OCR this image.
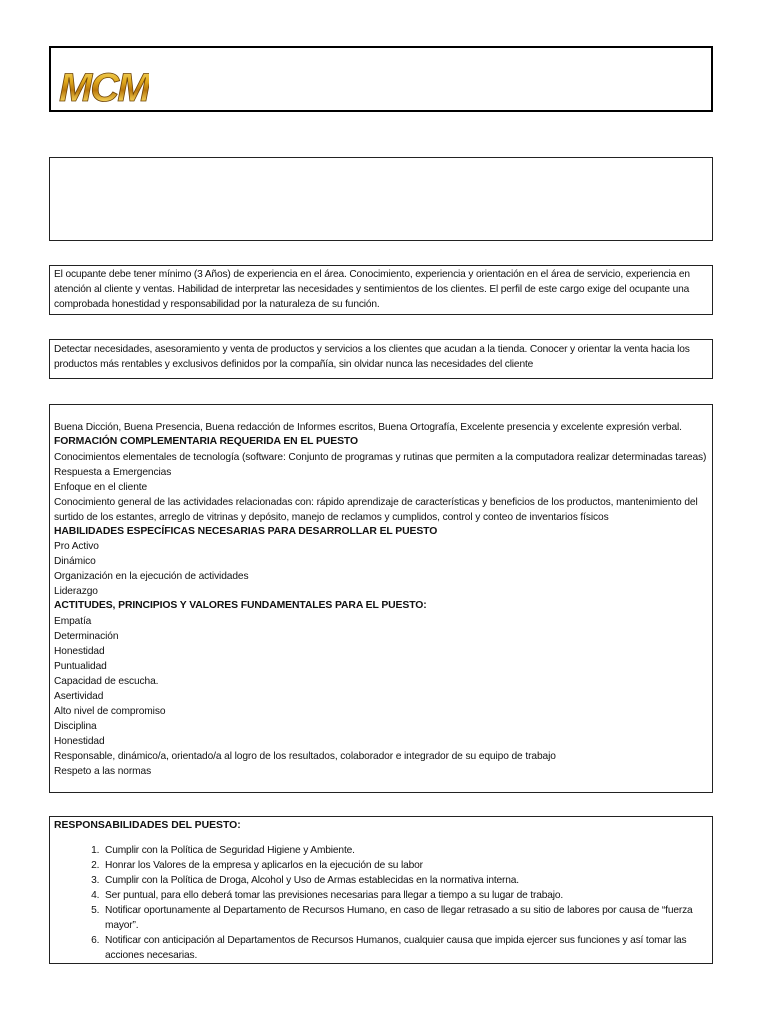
MCM
El ocupante debe tener mínimo (3 Años) de experiencia en el área. Conocimiento, experiencia y orientación en el área de servicio, experiencia en atención al cliente y ventas. Habilidad de interpretar las necesidades y sentimientos de los clientes. El perfil de este cargo exige del ocupante una comprobada honestidad y responsabilidad por la naturaleza de su función.
Detectar necesidades, asesoramiento y venta de productos y servicios a los clientes que acudan a la tienda. Conocer y orientar la venta hacia los productos más rentables y exclusivos definidos por la compañía, sin olvidar nunca las necesidades del cliente
Buena Dicción, Buena Presencia, Buena redacción de Informes escritos, Buena Ortografía, Excelente presencia y excelente expresión verbal.
FORMACIÓN COMPLEMENTARIA REQUERIDA EN EL PUESTO
Conocimientos elementales de tecnología (software: Conjunto de programas y rutinas que permiten a la computadora realizar determinadas tareas)
Respuesta a Emergencias
Enfoque en el cliente
Conocimiento general de las actividades relacionadas con: rápido aprendizaje de características y beneficios de los productos, mantenimiento del surtido de los estantes, arreglo de vitrinas y depósito, manejo de reclamos y cumplidos, control y conteo de inventarios físicos
HABILIDADES ESPECÍFICAS NECESARIAS PARA DESARROLLAR EL PUESTO
Pro Activo
Dinámico
Organización en la ejecución de actividades
Liderazgo
ACTITUDES, PRINCIPIOS Y VALORES FUNDAMENTALES PARA EL PUESTO:
Empatía
Determinación
Honestidad
Puntualidad
Capacidad de escucha.
Asertividad
Alto nivel de compromiso
Disciplina
Honestidad
Responsable, dinámico/a, orientado/a al logro de los resultados, colaborador e integrador de su equipo de trabajo
Respeto a las normas
RESPONSABILIDADES DEL PUESTO:
1. Cumplir con la Política de Seguridad Higiene y Ambiente.
2. Honrar los Valores de la empresa y aplicarlos en la ejecución de su labor
3. Cumplir con la Política de Droga, Alcohol y Uso de Armas establecidas en la normativa interna.
4. Ser puntual, para ello deberá tomar las previsiones necesarias para llegar a tiempo a su lugar de trabajo.
5. Notificar oportunamente al Departamento de Recursos Humano, en caso de llegar retrasado a su sitio de labores por causa de “fuerza mayor”.
6. Notificar con anticipación al Departamentos de Recursos Humanos, cualquier causa que impida ejercer sus funciones y así tomar las acciones necesarias.
